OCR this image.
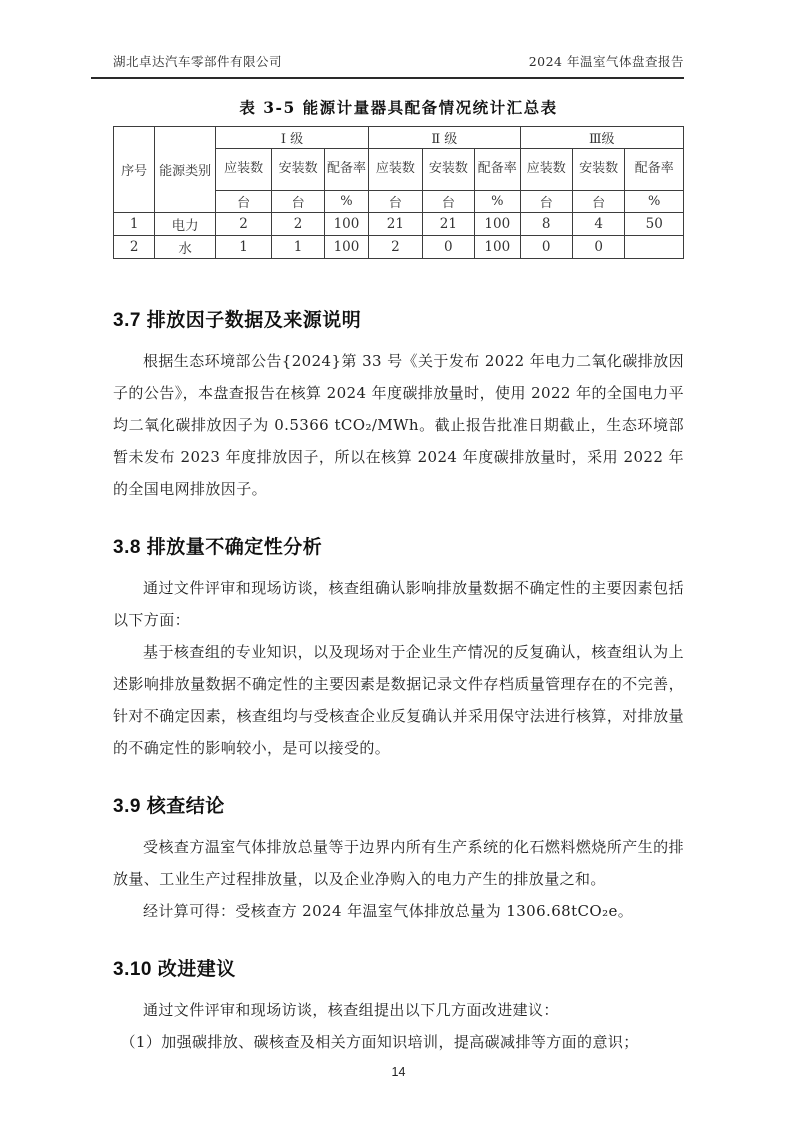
湖北卓达汽车零部件有限公司	2024 年温室气体盘查报告
表 3-5 能源计量器具配备情况统计汇总表
序号	能源类别	Ⅰ 级			Ⅱ 级			Ⅲ级		
		应装数	安装数	配备率	应装数	安装数	配备率	应装数	安装数	配备率
		台	台	%	台	台	%	台	台	%
1	电力	2	2	100	21	21	100	8	4	50
2	水	1	1	100	2	0	100	0	0	
3.7 排放因子数据及来源说明

根据生态环境部公告{2024}第 33 号《关于发布 2022 年电力二氧化碳排放因子的公告》，本盘查报告在核算 2024 年度碳排放量时，使用 2022 年的全国电力平均二氧化碳排放因子为 0.5366 tCO₂/MWh。截止报告批准日期截止，生态环境部暂未发布 2023 年度排放因子，所以在核算 2024 年度碳排放量时，采用 2022 年的全国电网排放因子。

3.8 排放量不确定性分析

通过文件评审和现场访谈，核查组确认影响排放量数据不确定性的主要因素包括以下方面：

基于核查组的专业知识，以及现场对于企业生产情况的反复确认，核查组认为上述影响排放量数据不确定性的主要因素是数据记录文件存档质量管理存在的不完善，针对不确定因素，核查组均与受核查企业反复确认并采用保守法进行核算，对排放量的不确定性的影响较小，是可以接受的。

3.9 核查结论

受核查方温室气体排放总量等于边界内所有生产系统的化石燃料燃烧所产生的排放量、工业生产过程排放量，以及企业净购入的电力产生的排放量之和。

经计算可得：受核查方 2024 年温室气体排放总量为 1306.68tCO₂e。

3.10 改进建议

通过文件评审和现场访谈，核查组提出以下几方面改进建议：

（1）加强碳排放、碳核查及相关方面知识培训，提高碳减排等方面的意识；

14
